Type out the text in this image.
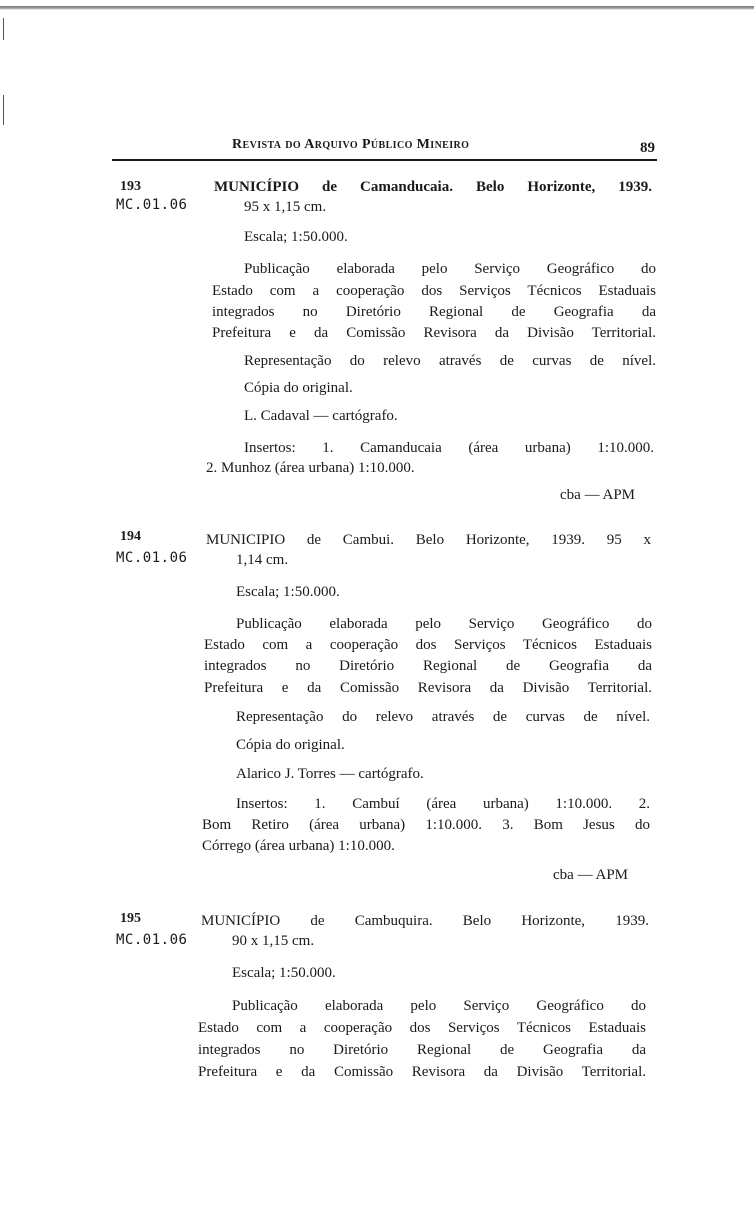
Revista do Arquivo Público Mineiro	89
193
MC.01.06
MUNICÍPIO de Camanducaia. Belo Horizonte, 1939.
95 x 1,15 cm.
Escala; 1:50.000.
Publicação elaborada pelo Serviço Geográfico do
Estado com a cooperação dos Serviços Técnicos Estaduais
integrados no Diretório Regional de Geografia da
Prefeitura e da Comissão Revisora da Divisão Territorial.
Representação do relevo através de curvas de nível.
Cópia do original.
L. Cadaval — cartógrafo.
Insertos: 1. Camanducaia (área urbana) 1:10.000.
2. Munhoz (área urbana) 1:10.000.
cba — APM
194
MC.01.06
MUNICIPIO de Cambui. Belo Horizonte, 1939. 95 x
1,14 cm.
Escala; 1:50.000.
Publicação elaborada pelo Serviço Geográfico do
Estado com a cooperação dos Serviços Técnicos Estaduais
integrados no Diretório Regional de Geografia da
Prefeitura e da Comissão Revisora da Divisão Territorial.
Representação do relevo através de curvas de nível.
Cópia do original.
Alarico J. Torres — cartógrafo.
Insertos: 1. Cambuí (área urbana) 1:10.000. 2.
Bom Retiro (área urbana) 1:10.000. 3. Bom Jesus do
Córrego (área urbana) 1:10.000.
cba — APM
195
MC.01.06
MUNICÍPIO de Cambuquira. Belo Horizonte, 1939.
90 x 1,15 cm.
Escala; 1:50.000.
Publicação elaborada pelo Serviço Geográfico do
Estado com a cooperação dos Serviços Técnicos Estaduais
integrados no Diretório Regional de Geografia da
Prefeitura e da Comissão Revisora da Divisão Territorial.
